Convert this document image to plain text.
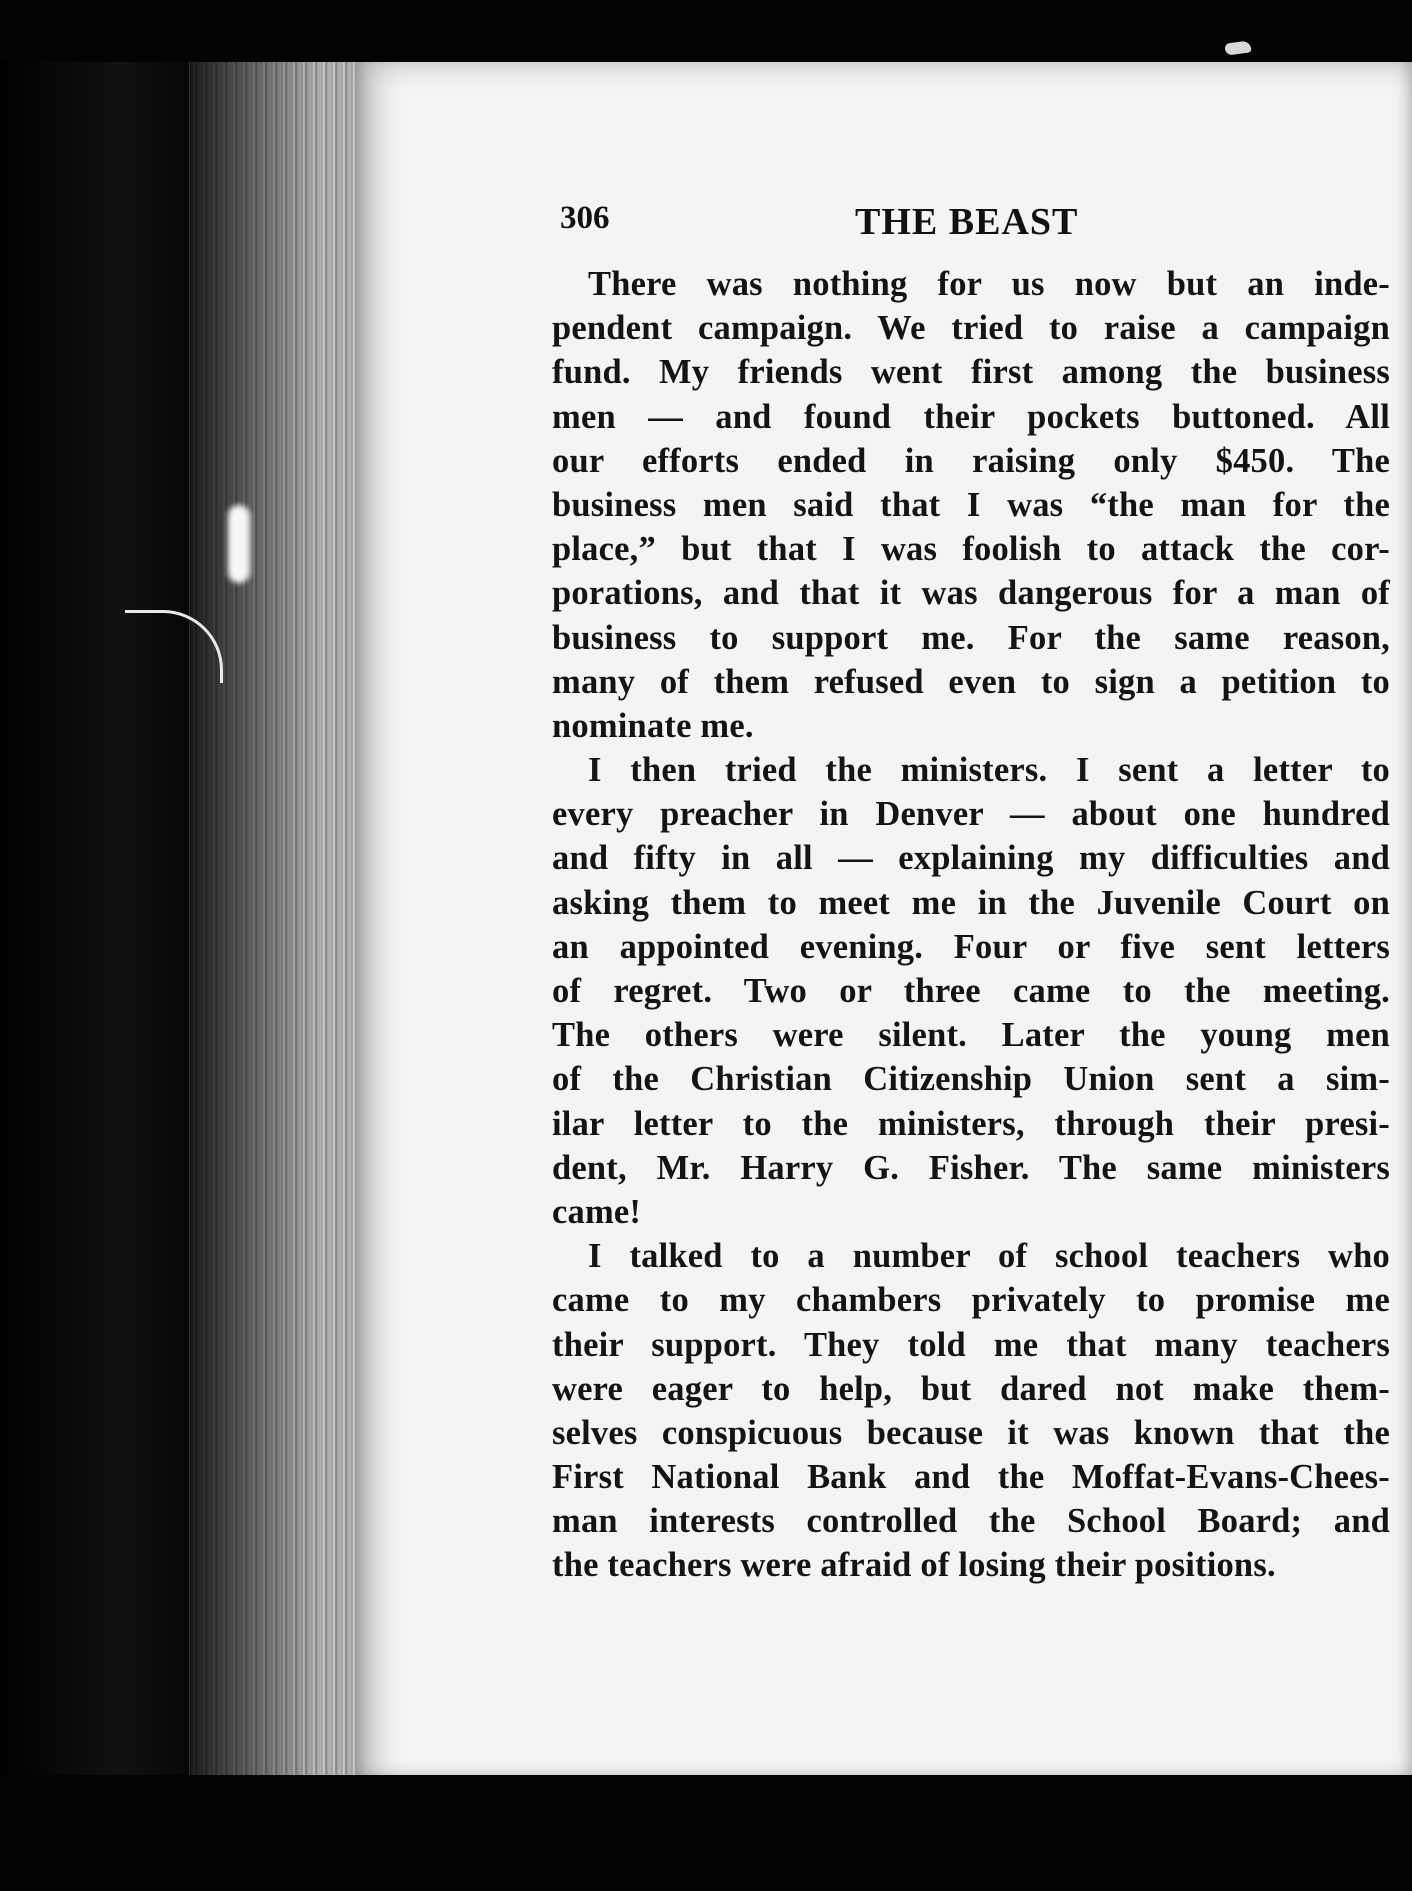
306	THE BEAST
There was nothing for us now but an inde-
pendent campaign. We tried to raise a campaign
fund. My friends went first among the business
men — and found their pockets buttoned. All
our efforts ended in raising only $450. The
business men said that I was “the man for the
place,” but that I was foolish to attack the cor-
porations, and that it was dangerous for a man of
business to support me. For the same reason,
many of them refused even to sign a petition to
nominate me.
I then tried the ministers. I sent a letter to
every preacher in Denver — about one hundred
and fifty in all — explaining my difficulties and
asking them to meet me in the Juvenile Court on
an appointed evening. Four or five sent letters
of regret. Two or three came to the meeting.
The others were silent. Later the young men
of the Christian Citizenship Union sent a sim-
ilar letter to the ministers, through their presi-
dent, Mr. Harry G. Fisher. The same ministers
came!
I talked to a number of school teachers who
came to my chambers privately to promise me
their support. They told me that many teachers
were eager to help, but dared not make them-
selves conspicuous because it was known that the
First National Bank and the Moffat-Evans-Chees-
man interests controlled the School Board; and
the teachers were afraid of losing their positions.
